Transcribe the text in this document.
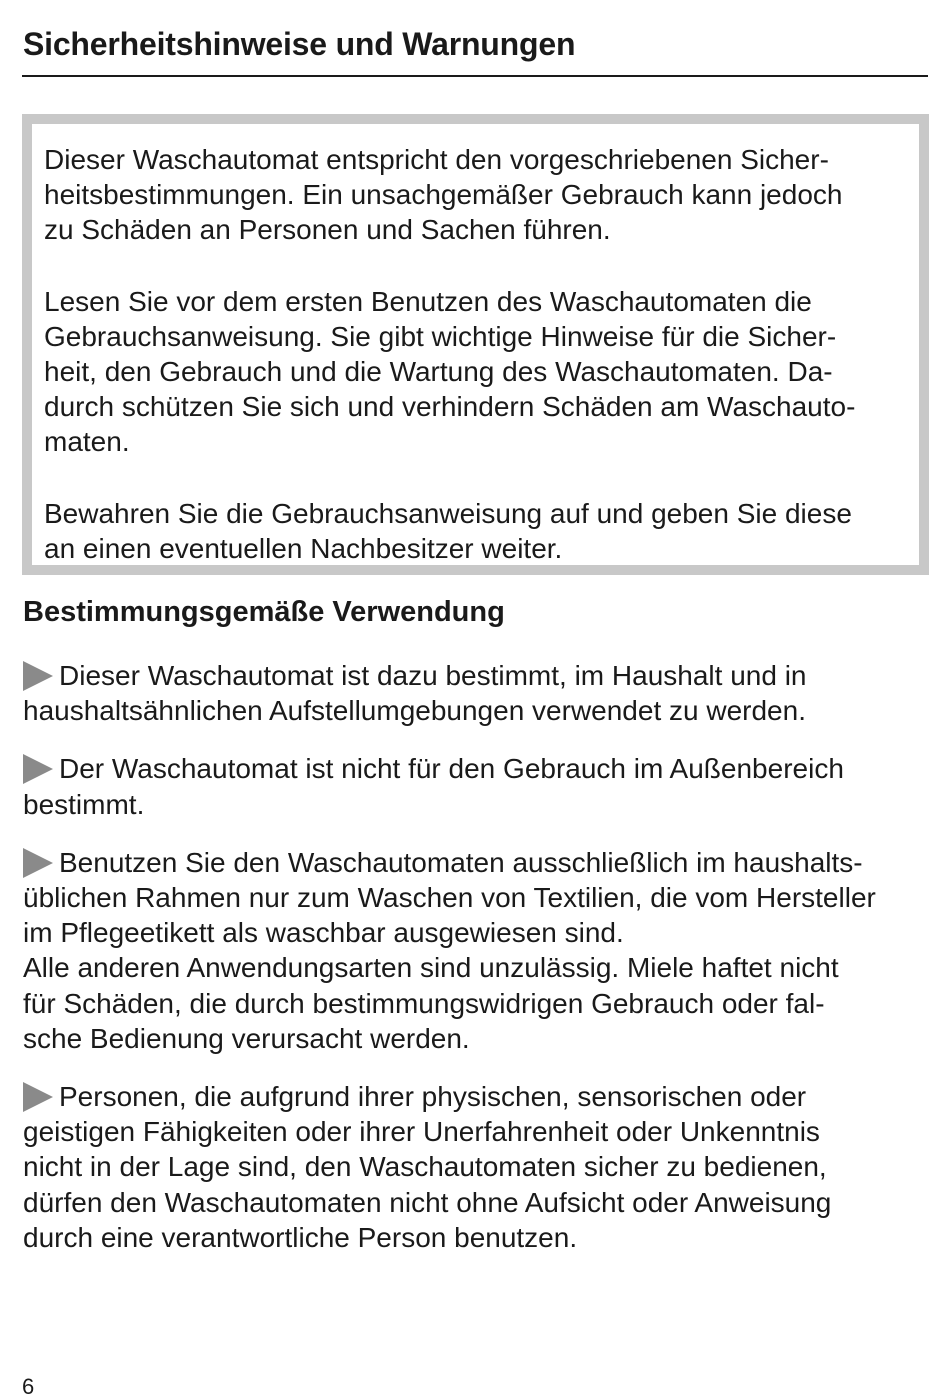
Sicherheitshinweise und Warnungen

Dieser Waschautomat entspricht den vorgeschriebenen Sicher-
heitsbestimmungen. Ein unsachgemäßer Gebrauch kann jedoch
zu Schäden an Personen und Sachen führen.

Lesen Sie vor dem ersten Benutzen des Waschautomaten die
Gebrauchsanweisung. Sie gibt wichtige Hinweise für die Sicher-
heit, den Gebrauch und die Wartung des Waschautomaten. Da-
durch schützen Sie sich und verhindern Schäden am Waschauto-
maten.

Bewahren Sie die Gebrauchsanweisung auf und geben Sie diese
an einen eventuellen Nachbesitzer weiter.

Bestimmungsgemäße Verwendung

Dieser Waschautomat ist dazu bestimmt, im Haushalt und in
haushaltsähnlichen Aufstellumgebungen verwendet zu werden.

Der Waschautomat ist nicht für den Gebrauch im Außenbereich
bestimmt.

Benutzen Sie den Waschautomaten ausschließlich im haushalts-
üblichen Rahmen nur zum Waschen von Textilien, die vom Hersteller
im Pflegeetikett als waschbar ausgewiesen sind.
Alle anderen Anwendungsarten sind unzulässig. Miele haftet nicht
für Schäden, die durch bestimmungswidrigen Gebrauch oder fal-
sche Bedienung verursacht werden.

Personen, die aufgrund ihrer physischen, sensorischen oder
geistigen Fähigkeiten oder ihrer Unerfahrenheit oder Unkenntnis
nicht in der Lage sind, den Waschautomaten sicher zu bedienen,
dürfen den Waschautomaten nicht ohne Aufsicht oder Anweisung
durch eine verantwortliche Person benutzen.

6
